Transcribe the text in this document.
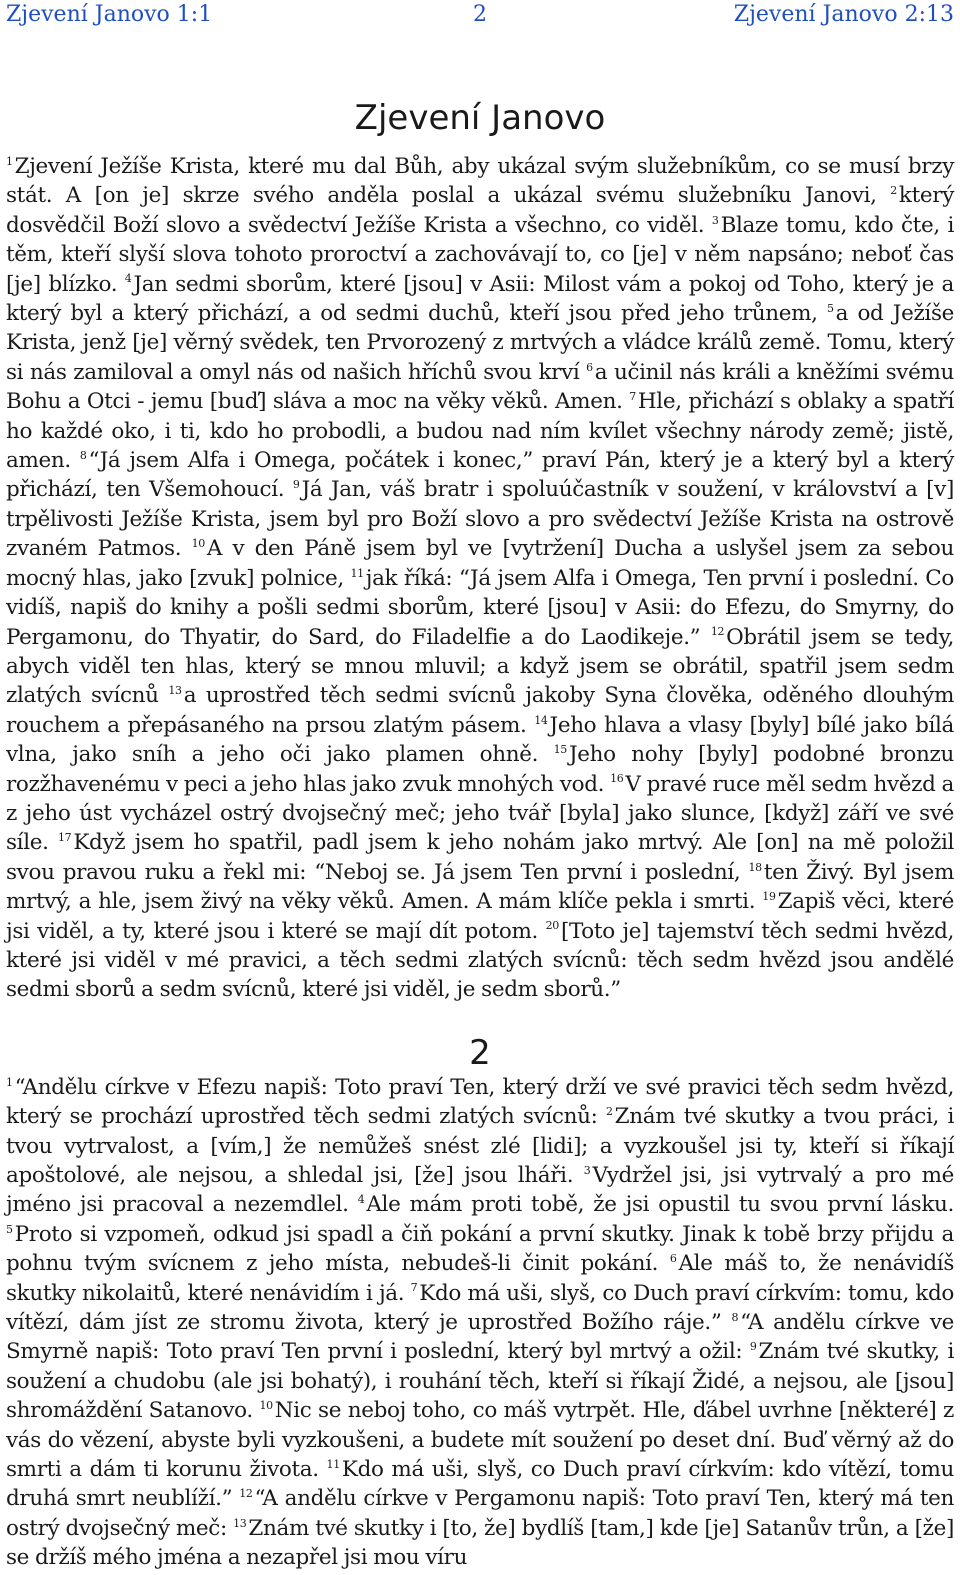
Zjevení Janovo 1:1	2	Zjevení Janovo 2:13
Zjevení Janovo
$^1$Zjevení Ježíše Krista, které mu dal Bůh, aby ukázal svým služebníkům, co se musí brzy stát. A [on je] skrze svého anděla poslal a ukázal svému služebníku Janovi, $^2$který dosvědčil Boží slovo a svědectví Ježíše Krista a všechno, co viděl. $^3$Blaze tomu, kdo čte, i těm, kteří slyší slova tohoto proroctví a zachovávají to, co [je] v něm napsáno; neboť čas [je] blízko. $^4$Jan sedmi sborům, které [jsou] v Asii: Milost vám a pokoj od Toho, který je a který byl a který přichází, a od sedmi duchů, kteří jsou před jeho trůnem, $^5$a od Ježíše Krista, jenž [je] věrný svědek, ten Prvorozený z mrtvých a vládce králů země. Tomu, který si nás zamiloval a omyl nás od našich hříchů svou krví $^6$a učinil nás králi a kněžími svému Bohu a Otci - jemu [buď] sláva a moc na věky věků. Amen. $^7$Hle, přichází s oblaky a spatří ho každé oko, i ti, kdo ho probodli, a budou nad ním kvílet všechny národy země; jistě, amen. $^8$“Já jsem Alfa i Omega, počátek i konec,” praví Pán, který je a který byl a který přichází, ten Všemohoucí. $^9$Já Jan, váš bratr i spoluúčastník v soužení, v království a [v] trpělivosti Ježíše Krista, jsem byl pro Boží slovo a pro svědectví Ježíše Krista na ostrově zvaném Patmos. $^{10}$A v den Páně jsem byl ve [vytržení] Ducha a uslyšel jsem za sebou mocný hlas, jako [zvuk] polnice, $^{11}$jak říká: “Já jsem Alfa i Omega, Ten první i poslední. Co vidíš, napiš do knihy a pošli sedmi sborům, které [jsou] v Asii: do Efezu, do Smyrny, do Pergamonu, do Thyatir, do Sard, do Filadelfie a do Laodikeje.” $^{12}$Obrátil jsem se tedy, abych viděl ten hlas, který se mnou mluvil; a když jsem se obrátil, spatřil jsem sedm zlatých svícnů $^{13}$a uprostřed těch sedmi svícnů jakoby Syna člověka, oděného dlouhým rouchem a přepásaného na prsou zlatým pásem. $^{14}$Jeho hlava a vlasy [byly] bílé jako bílá vlna, jako sníh a jeho oči jako plamen ohně. $^{15}$Jeho nohy [byly] podobné bronzu rozžhavenému v peci a jeho hlas jako zvuk mnohých vod. $^{16}$V pravé ruce měl sedm hvězd a z jeho úst vycházel ostrý dvojsečný meč; jeho tvář [byla] jako slunce, [když] září ve své síle. $^{17}$Když jsem ho spatřil, padl jsem k jeho nohám jako mrtvý. Ale [on] na mě položil svou pravou ruku a řekl mi: “Neboj se. Já jsem Ten první i poslední, $^{18}$ten Živý. Byl jsem mrtvý, a hle, jsem živý na věky věků. Amen. A mám klíče pekla i smrti. $^{19}$Zapiš věci, které jsi viděl, a ty, které jsou i které se mají dít potom. $^{20}$[Toto je] tajemství těch sedmi hvězd, které jsi viděl v mé pravici, a těch sedmi zlatých svícnů: těch sedm hvězd jsou andělé sedmi sborů a sedm svícnů, které jsi viděl, je sedm sborů.”
2
$^1$“Andělu církve v Efezu napiš: Toto praví Ten, který drží ve své pravici těch sedm hvězd, který se prochází uprostřed těch sedmi zlatých svícnů: $^2$Znám tvé skutky a tvou práci, i tvou vytrvalost, a [vím,] že nemůžeš snést zlé [lidi]; a vyzkoušel jsi ty, kteří si říkají apoštolové, ale nejsou, a shledal jsi, [že] jsou lháři. $^3$Vydržel jsi, jsi vytrvalý a pro mé jméno jsi pracoval a nezemdlel. $^4$Ale mám proti tobě, že jsi opustil tu svou první lásku. $^5$Proto si vzpomeň, odkud jsi spadl a čiň pokání a první skutky. Jinak k tobě brzy přijdu a pohnu tvým svícnem z jeho místa, nebudeš-li činit pokání. $^6$Ale máš to, že nenávidíš skutky nikolaitů, které nenávidím i já. $^7$Kdo má uši, slyš, co Duch praví církvím: tomu, kdo vítězí, dám jíst ze stromu života, který je uprostřed Božího ráje.” $^8$“A andělu církve ve Smyrně napiš: Toto praví Ten první i poslední, který byl mrtvý a ožil: $^9$Znám tvé skutky, i soužení a chudobu (ale jsi bohatý), i rouhání těch, kteří si říkají Židé, a nejsou, ale [jsou] shromáždění Satanovo. $^{10}$Nic se neboj toho, co máš vytrpět. Hle, ďábel uvrhne [některé] z vás do vězení, abyste byli vyzkoušeni, a budete mít soužení po deset dní. Buď věrný až do smrti a dám ti korunu života. $^{11}$Kdo má uši, slyš, co Duch praví církvím: kdo vítězí, tomu druhá smrt neublíží.” $^{12}$“A andělu církve v Pergamonu napiš: Toto praví Ten, který má ten ostrý dvojsečný meč: $^{13}$Znám tvé skutky i [to, že] bydlíš [tam,] kde [je] Satanův trůn, a [že] se držíš mého jména a nezapřel jsi mou víru
